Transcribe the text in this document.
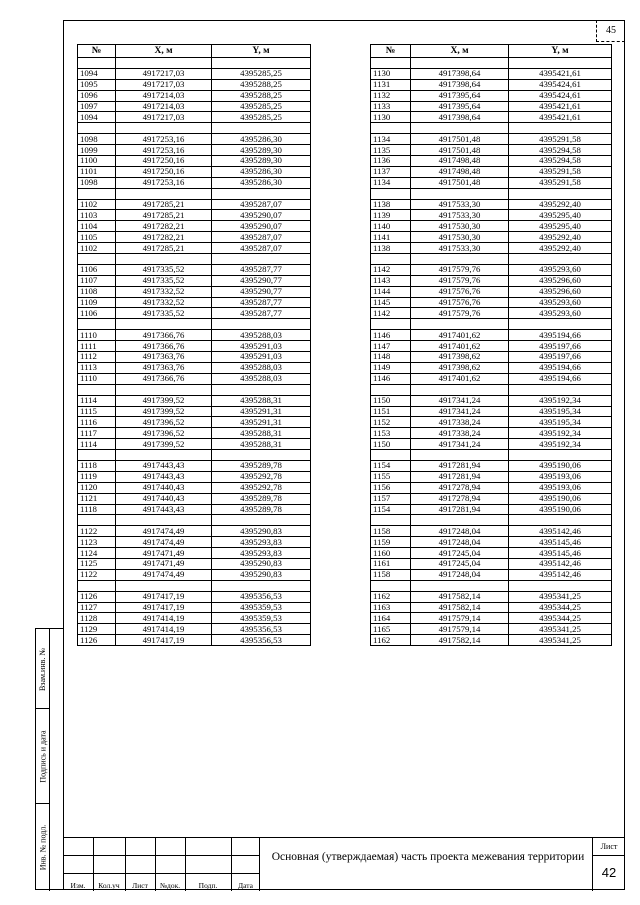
45
№	X, м	Y, м

1094	4917217,03	4395285,25
1095	4917217,03	4395288,25
1096	4917214,03	4395288,25
1097	4917214,03	4395285,25
1094	4917217,03	4395285,25

1098	4917253,16	4395286,30
1099	4917253,16	4395289,30
1100	4917250,16	4395289,30
1101	4917250,16	4395286,30
1098	4917253,16	4395286,30

1102	4917285,21	4395287,07
1103	4917285,21	4395290,07
1104	4917282,21	4395290,07
1105	4917282,21	4395287,07
1102	4917285,21	4395287,07

1106	4917335,52	4395287,77
1107	4917335,52	4395290,77
1108	4917332,52	4395290,77
1109	4917332,52	4395287,77
1106	4917335,52	4395287,77

1110	4917366,76	4395288,03
1111	4917366,76	4395291,03
1112	4917363,76	4395291,03
1113	4917363,76	4395288,03
1110	4917366,76	4395288,03

1114	4917399,52	4395288,31
1115	4917399,52	4395291,31
1116	4917396,52	4395291,31
1117	4917396,52	4395288,31
1114	4917399,52	4395288,31

1118	4917443,43	4395289,78
1119	4917443,43	4395292,78
1120	4917440,43	4395292,78
1121	4917440,43	4395289,78
1118	4917443,43	4395289,78

1122	4917474,49	4395290,83
1123	4917474,49	4395293,83
1124	4917471,49	4395293,83
1125	4917471,49	4395290,83
1122	4917474,49	4395290,83

1126	4917417,19	4395356,53
1127	4917417,19	4395359,53
1128	4917414,19	4395359,53
1129	4917414,19	4395356,53
1126	4917417,19	4395356,53
№	X, м	Y, м

1130	4917398,64	4395421,61
1131	4917398,64	4395424,61
1132	4917395,64	4395424,61
1133	4917395,64	4395421,61
1130	4917398,64	4395421,61

1134	4917501,48	4395291,58
1135	4917501,48	4395294,58
1136	4917498,48	4395294,58
1137	4917498,48	4395291,58
1134	4917501,48	4395291,58

1138	4917533,30	4395292,40
1139	4917533,30	4395295,40
1140	4917530,30	4395295,40
1141	4917530,30	4395292,40
1138	4917533,30	4395292,40

1142	4917579,76	4395293,60
1143	4917579,76	4395296,60
1144	4917576,76	4395296,60
1145	4917576,76	4395293,60
1142	4917579,76	4395293,60

1146	4917401,62	4395194,66
1147	4917401,62	4395197,66
1148	4917398,62	4395197,66
1149	4917398,62	4395194,66
1146	4917401,62	4395194,66

1150	4917341,24	4395192,34
1151	4917341,24	4395195,34
1152	4917338,24	4395195,34
1153	4917338,24	4395192,34
1150	4917341,24	4395192,34

1154	4917281,94	4395190,06
1155	4917281,94	4395193,06
1156	4917278,94	4395193,06
1157	4917278,94	4395190,06
1154	4917281,94	4395190,06

1158	4917248,04	4395142,46
1159	4917248,04	4395145,46
1160	4917245,04	4395145,46
1161	4917245,04	4395142,46
1158	4917248,04	4395142,46

1162	4917582,14	4395341,25
1163	4917582,14	4395344,25
1164	4917579,14	4395344,25
1165	4917579,14	4395341,25
1162	4917582,14	4395341,25
Взам.инв. №
Подпись и дата
Инв. № подл.
Изм.	Кол.уч	Лист	№док.	Подп.	Дата
Основная (утверждаемая) часть проекта межевания территории
Лист
42
